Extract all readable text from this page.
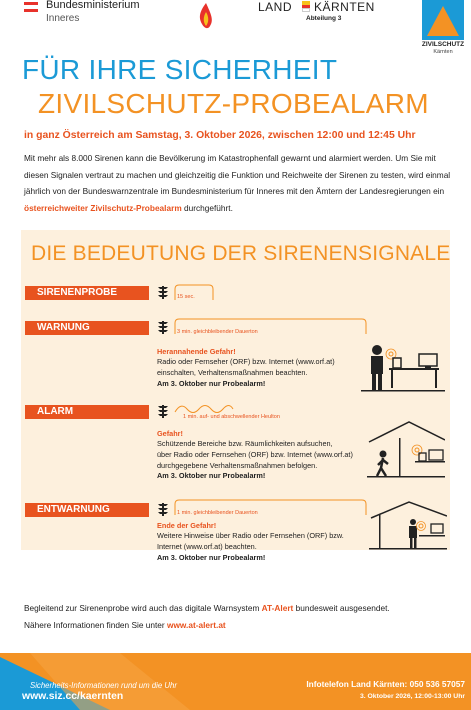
Bundesministerium
Inneres
LAND KÄRNTEN
Abteilung 3
ZIVILSCHUTZ
Kärnten
FÜR IHRE SICHERHEIT
ZIVILSCHUTZ-PROBEALARM
in ganz Österreich am Samstag, 3. Oktober 2026, zwischen 12:00 und 12:45 Uhr
Mit mehr als 8.000 Sirenen kann die Bevölkerung im Katastrophenfall gewarnt und alarmiert werden. Um Sie mit diesen Signalen vertraut zu machen und gleichzeitig die Funktion und Reichweite der Sirenen zu testen, wird einmal jährlich von der Bundeswarnzentrale im Bundesministerium für Inneres mit den Ämtern der Landesregierungen ein österreichweiter Zivilschutz-Probealarm durchgeführt.
DIE BEDEUTUNG DER SIRENENSIGNALE
SIRENENPROBE	15 sec.
WARNUNG	3 min. gleichbleibender Dauerton
Herannahende Gefahr!
Radio oder Fernseher (ORF) bzw. Internet (www.orf.at)
einschalten, Verhaltensmaßnahmen beachten.
Am 3. Oktober nur Probealarm!
ALARM	1 min. auf- und abschwellender Heulton
Gefahr!
Schützende Bereiche bzw. Räumlichkeiten aufsuchen,
über Radio oder Fernsehen (ORF) bzw. Internet (www.orf.at)
durchgegebene Verhaltensmaßnahmen befolgen.
Am 3. Oktober nur Probealarm!
ENTWARNUNG	1 min. gleichbleibender Dauerton
Ende der Gefahr!
Weitere Hinweise über Radio oder Fernsehen (ORF) bzw.
Internet (www.orf.at) beachten.
Am 3. Oktober nur Probealarm!
Begleitend zur Sirenenprobe wird auch das digitale Warnsystem AT-Alert bundesweit ausgesendet.
Nähere Informationen finden Sie unter www.at-alert.at
Sicherheits-Informationen rund um die Uhr
www.siz.cc/kaernten
Infotelefon Land Kärnten: 050 536 57057
3. Oktober 2026, 12:00-13:00 Uhr
